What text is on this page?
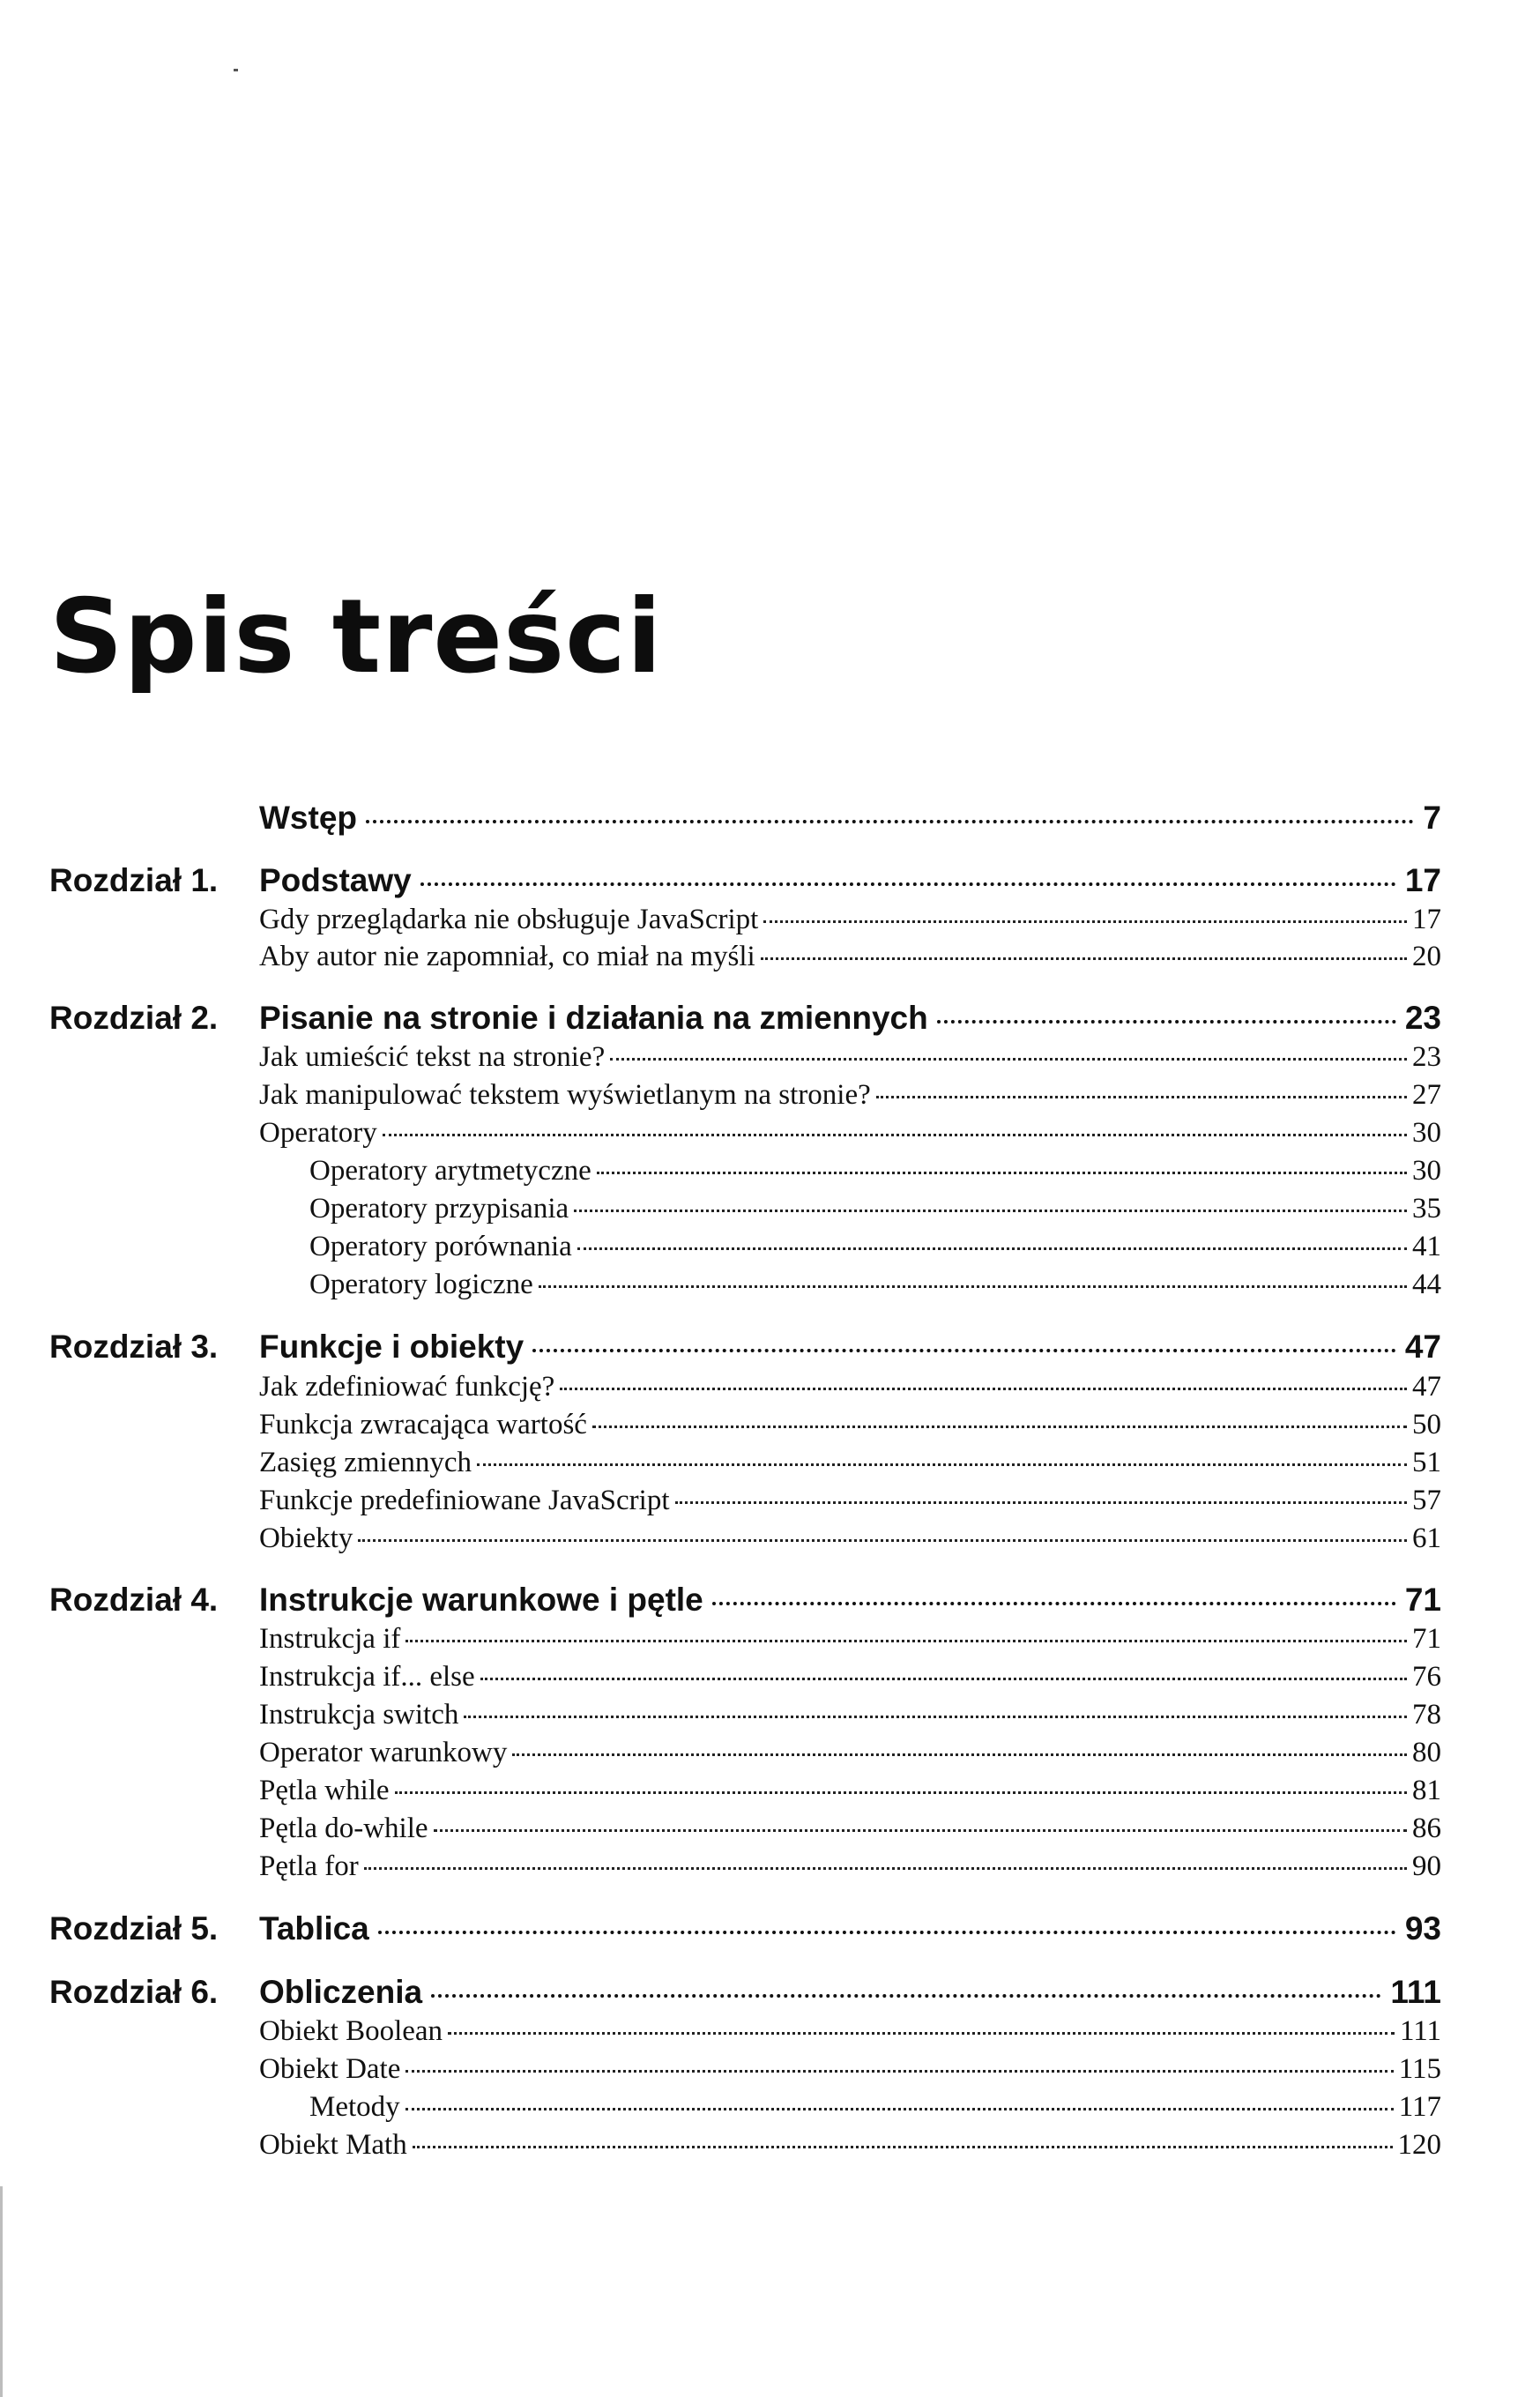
Spis treści
Wstęp	7
Rozdział 1. Podstawy	17
Gdy przeglądarka nie obsługuje JavaScript	17
Aby autor nie zapomniał, co miał na myśli	20
Rozdział 2. Pisanie na stronie i działania na zmiennych	23
Jak umieścić tekst na stronie?	23
Jak manipulować tekstem wyświetlanym na stronie?	27
Operatory	30
Operatory arytmetyczne	30
Operatory przypisania	35
Operatory porównania	41
Operatory logiczne	44
Rozdział 3. Funkcje i obiekty	47
Jak zdefiniować funkcję?	47
Funkcja zwracająca wartość	50
Zasięg zmiennych	51
Funkcje predefiniowane JavaScript	57
Obiekty	61
Rozdział 4. Instrukcje warunkowe i pętle	71
Instrukcja if	71
Instrukcja if... else	76
Instrukcja switch	78
Operator warunkowy	80
Pętla while	81
Pętla do-while	86
Pętla for	90
Rozdział 5. Tablica	93
Rozdział 6. Obliczenia	111
Obiekt Boolean	111
Obiekt Date	115
Metody	117
Obiekt Math	120
